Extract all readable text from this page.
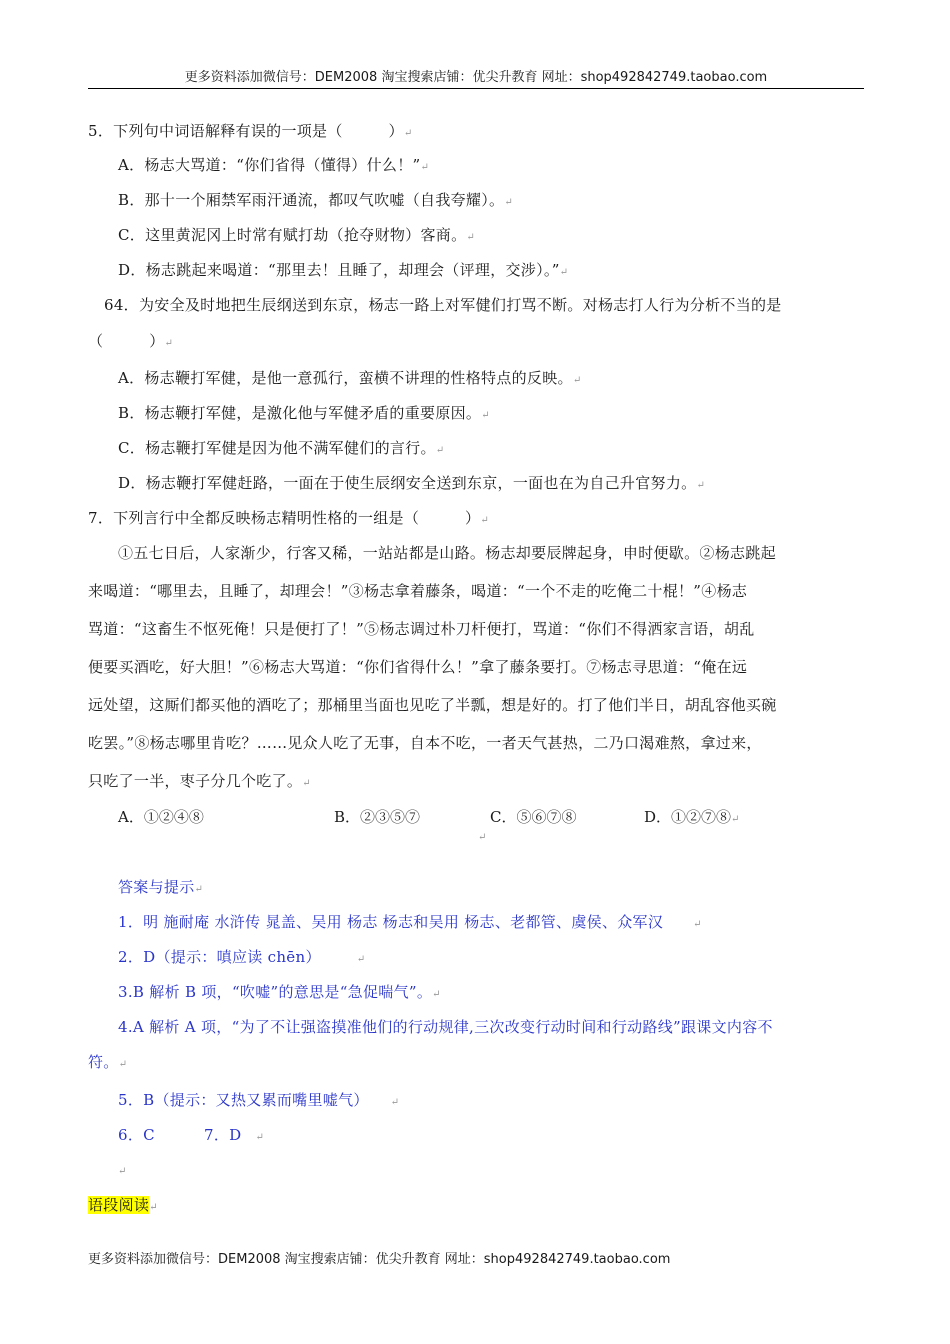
更多资料添加微信号：DEM2008 淘宝搜索店铺：优尖升教育 网址：shop492842749.taobao.com
5．下列句中词语解释有误的一项是（　　　）↵
A．杨志大骂道：“你们省得（懂得）什么！”↵
B．那十一个厢禁军雨汗通流，都叹气吹嘘（自我夸耀）。↵
C．这里黄泥冈上时常有赋打劫（抢夺财物）客商。↵
D．杨志跳起来喝道：“那里去！且睡了，却理会（评理，交涉）。”↵
64．为安全及时地把生辰纲送到东京，杨志一路上对军健们打骂不断。对杨志打人行为分析不当的是
（　　　）↵
A．杨志鞭打军健，是他一意孤行，蛮横不讲理的性格特点的反映。↵
B．杨志鞭打军健，是激化他与军健矛盾的重要原因。↵
C．杨志鞭打军健是因为他不满军健们的言行。↵
D．杨志鞭打军健赶路，一面在于使生辰纲安全送到东京，一面也在为自己升官努力。↵
7．下列言行中全都反映杨志精明性格的一组是（　　　）↵
①五七日后，人家渐少，行客又稀，一站站都是山路。杨志却要辰牌起身，申时便歇。②杨志跳起
来喝道：“哪里去，且睡了，却理会！”③杨志拿着藤条，喝道：“一个不走的吃俺二十棍！”④杨志
骂道：“这畜生不怄死俺！只是便打了！”⑤杨志调过朴刀杆便打，骂道：“你们不得洒家言语，胡乱
便要买酒吃，好大胆！”⑥杨志大骂道：“你们省得什么！”拿了藤条要打。⑦杨志寻思道：“俺在远
远处望，这厮们都买他的酒吃了；那桶里当面也见吃了半瓢，想是好的。打了他们半日，胡乱容他买碗
吃罢。”⑧杨志哪里肯吃？……见众人吃了无事，自本不吃，一者天气甚热，二乃口渴难熬，拿过来，
只吃了一半，枣子分几个吃了。↵
A．①②④⑧	B．②③⑤⑦	C．⑤⑥⑦⑧	D．①②⑦⑧↵
↵
答案与提示↵
1．明 施耐庵 水浒传 晁盖、吴用 杨志 杨志和吴用 杨志、老都管、虞侯、众军汉	↵
2．D（提示：嗔应读 chēn）	↵
3.B 解析 B 项，“吹嘘”的意思是“急促喘气”。↵
4.A 解析 A 项，“为了不让强盗摸准他们的行动规律,三次改变行动时间和行动路线”跟课文内容不
符。↵
5．B（提示：又热又累而嘴里嘘气） ↵
6．C	7．D ↵
↵
语段阅读↵
更多资料添加微信号：DEM2008 淘宝搜索店铺：优尖升教育 网址：shop492842749.taobao.com
